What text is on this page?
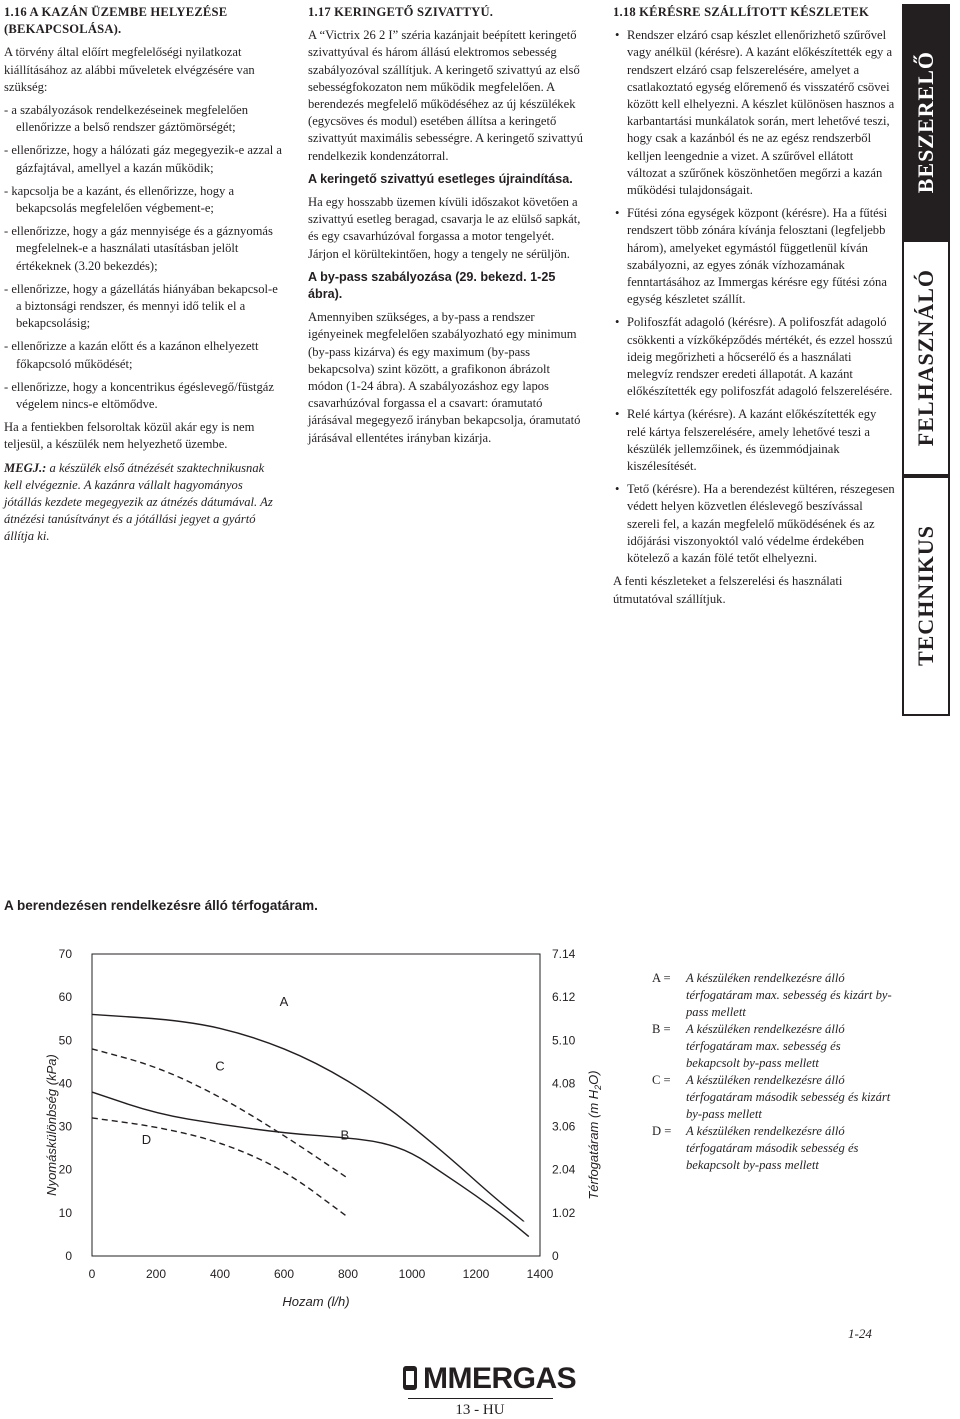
1.16 A KAZÁN ÜZEMBE HELYEZÉSE (BEKAPCSOLÁSA).

A törvény által előírt megfelelőségi nyilatkozat kiállításához az alábbi műveletek elvégzésére van szükség:

- a szabályozások rendelkezéseinek megfelelően ellenőrizze a belső rendszer gáztömörségét;

- ellenőrizze, hogy a hálózati gáz megegyezik-e azzal a gázfajtával, amellyel a kazán működik;

- kapcsolja be a kazánt, és ellenőrizze, hogy a bekapcsolás megfelelően végbement-e;

- ellenőrizze, hogy a gáz mennyisége és a gáznyomás megfelelnek-e a használati utasításban jelölt értékeknek (3.20 bekezdés);

- ellenőrizze, hogy a gázellátás hiányában bekapcsol-e a biztonsági rendszer, és mennyi idő telik el a bekapcsolásig;

- ellenőrizze a kazán előtt és a kazánon elhelyezett főkapcsoló működését;

- ellenőrizze, hogy a koncentrikus égéslevegő/füstgáz végelem nincs-e eltömődve.

Ha a fentiekben felsoroltak közül akár egy is nem teljesül, a készülék nem helyezhető üzembe.

MEGJ.: a készülék első átnézését szaktechnikusnak kell elvégeznie. A kazánra vállalt hagyományos jótállás kezdete megegyezik az átnézés dátumával. Az átnézési tanúsítványt és a jótállási jegyet a gyártó állítja ki.

1.17 KERINGETŐ SZIVATTYÚ.

A “Victrix 26 2 I” széria kazánjait beépített keringető szivattyúval és három állású elektromos sebesség szabályozóval szállítjuk. A keringető szivattyú az első sebességfokozaton nem működik megfelelően. A berendezés megfelelő működéséhez az új készülékek (egycsöves és modul) esetében állítsa a keringető szivattyút maximális sebességre. A keringető szivattyú rendelkezik kondenzátorral.

A keringető szivattyú esetleges újraindítása.

Ha egy hosszabb üzemen kívüli időszakot követően a szivattyú esetleg beragad, csavarja le az elülső sapkát, és egy csavarhúzóval forgassa a motor tengelyét. Járjon el körültekintően, hogy a tengely ne sérüljön.

A by-pass szabályozása (29. bekezd. 1-25 ábra).

Amennyiben szükséges, a by-pass a rendszer igényeinek megfelelően szabályozható egy minimum (by-pass kizárva) és egy maximum (by-pass bekapcsolva) szint között, a grafikonon ábrázolt módon (1-24 ábra). A szabályozáshoz egy lapos csavarhúzóval forgassa el a csavart: óramutató járásával megegyező irányban bekapcsolja, óramutató járásával ellentétes irányban kizárja.

1.18 KÉRÉSRE SZÁLLÍTOTT KÉSZLETEK

• Rendszer elzáró csap készlet ellenőrizhető szűrővel vagy anélkül (kérésre). A kazánt előkészítették egy a rendszert elzáró csap felszerelésére, amelyet a csatlakoztató egység előremenő és visszatérő csövei között kell elhelyezni. A készlet különösen hasznos a karbantartási munkálatok során, mert lehetővé teszi, hogy csak a kazánból és ne az egész rendszerből kelljen leengednie a vizet. A szűrővel ellátott változat a szűrőnek köszönhetően megőrzi a kazán működési tulajdonságait.
• Fűtési zóna egységek központ (kérésre). Ha a fűtési rendszert több zónára kívánja felosztani (legfeljebb három), amelyeket egymástól függetlenül kíván szabályozni, az egyes zónák vízhozamának fenntartásához az Immergas kérésre egy fűtési zóna egység készletet szállít.
• Polifoszfát adagoló (kérésre). A polifoszfát adagoló csökkenti a vízkőképződés mértékét, és ezzel hosszú ideig megőrizheti a hőcserélő és a használati melegvíz rendszer eredeti állapotát. A kazánt előkészítették egy polifoszfát adagoló felszerelésére.
• Relé kártya (kérésre). A kazánt előkészítették egy relé kártya felszerelésére, amely lehetővé teszi a készülék jellemzőinek, és üzemmódjainak kiszélesítését.
• Tető (kérésre). Ha a berendezést kültéren, részegesen védett helyen közvetlen éléslevegő beszívással szereli fel, a kazán megfelelő működésének és az időjárási viszonyoktól való védelme érdekében kötelező a kazán fölé tetőt elhelyezni.

A fenti készleteket a felszerelési és használati útmutatóval szállítjuk.

BESZERELŐ
FELHASZNÁLÓ
TECHNIKUS
A berendezésen rendelkezésre álló térfogatáram.
0	200	400	600	800	1000	1200	1400
0	0
10	1.02
20	2.04
30	3.06
40	4.08
50	5.10
60	6.12
70	7.14
Hozam (l/h)
Nyomáskülönbség (kPa)	Térfogatáram (m $H_2O$)
A
B
C
D
A =	A készüléken rendelkezésre álló térfogatáram max. sebesség és kizárt by-pass mellett
B =	A készüléken rendelkezésre álló térfogatáram max. sebesség és bekapcsolt by-pass mellett
C =	A készüléken rendelkezésre álló térfogatáram második sebesség és kizárt by-pass mellett
D =	A készüléken rendelkezésre álló térfogatáram második sebesség és bekapcsolt by-pass mellett
1-24
MMERGAS
13 - HU
